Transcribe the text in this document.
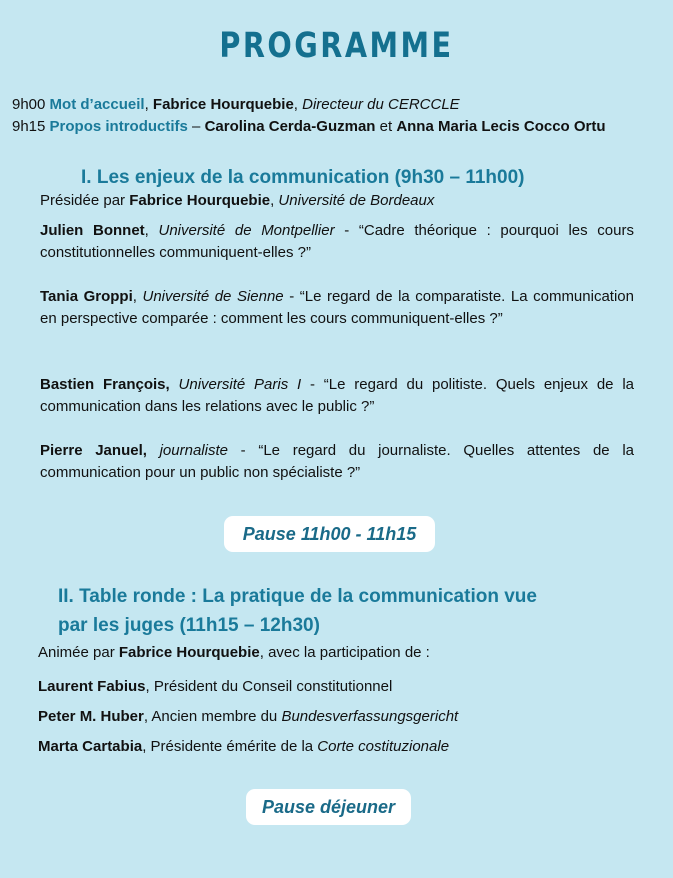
PROGRAMME
9h00 Mot d’accueil, Fabrice Hourquebie, Directeur du CERCCLE
9h15 Propos introductifs – Carolina Cerda-Guzman et Anna Maria Lecis Cocco Ortu
I. Les enjeux de la communication (9h30 – 11h00)
Présidée par Fabrice Hourquebie, Université de Bordeaux
Julien Bonnet, Université de Montpellier - “Cadre théorique : pourquoi les cours constitutionnelles communiquent-elles ?”
Tania Groppi, Université de Sienne - “Le regard de la comparatiste. La communication en perspective comparée : comment les cours communiquent-elles ?”
Bastien François, Université Paris I - “Le regard du politiste. Quels enjeux de la communication dans les relations avec le public ?”
Pierre Januel, journaliste - “Le regard du journaliste. Quelles attentes de la communication pour un public non spécialiste ?”
Pause 11h00 - 11h15
II. Table ronde : La pratique de la communication vue
par les juges (11h15 – 12h30)
Animée par Fabrice Hourquebie, avec la participation de :
Laurent Fabius, Président du Conseil constitutionnel
Peter M. Huber, Ancien membre du Bundesverfassungsgericht
Marta Cartabia, Présidente émérite de la Corte costituzionale
Pause déjeuner
